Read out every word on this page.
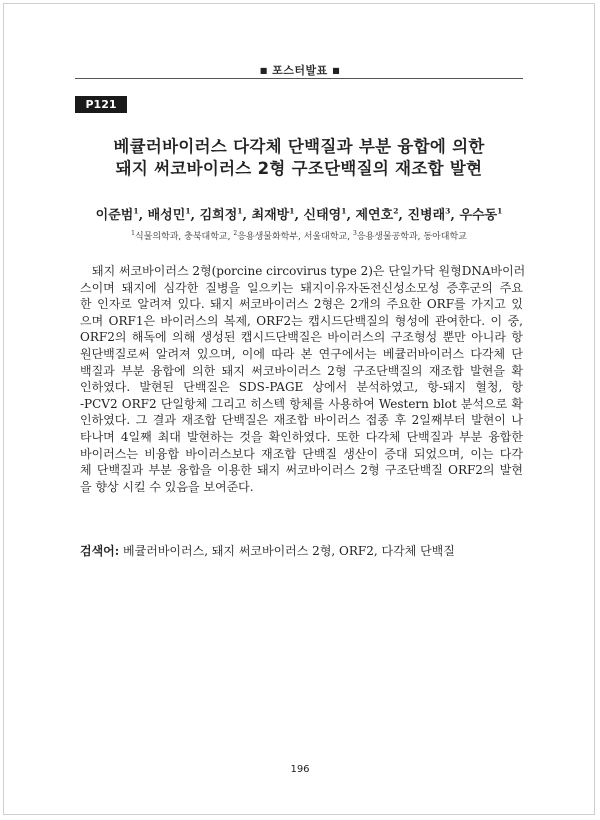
■ 포스터발표 ■
P121
베큘러바이러스 다각체 단백질과 부분 융합에 의한
돼지 써코바이러스 2형 구조단백질의 재조합 발현
이준범$^1$, 배성민$^1$, 김희정$^1$, 최재방$^1$, 신태영$^1$, 제연호$^2$, 진병래$^3$, 우수동$^1$
$^1$식물의학과, 충북대학교, $^2$응용생물화학부, 서울대학교, $^3$응용생물공학과, 동아대학교
돼지 써코바이러스 2형(porcine circovirus type 2)은 단일가닥 원형DNA바이러
스이며 돼지에 심각한 질병을 일으키는 돼지이유자돈전신성소모성 증후군의 주요
한 인자로 알려져 있다. 돼지 써코바이러스 2형은 2개의 주요한 ORF를 가지고 있
으며 ORF1은 바이러스의 복제, ORF2는 캡시드단백질의 형성에 관여한다. 이 중,
ORF2의 해독에 의해 생성된 캡시드단백질은 바이러스의 구조형성 뿐만 아니라 항
원단백질로써 알려져 있으며, 이에 따라 본 연구에서는 베큘러바이러스 다각체 단
백질과 부분 융합에 의한 돼지 써코바이러스 2형 구조단백질의 재조합 발현을 확
인하였다. 발현된 단백질은 SDS-PAGE 상에서 분석하였고, 항-돼지 혈청, 항
-PCV2 ORF2 단일항체 그리고 히스텍 항체를 사용하여 Western blot 분석으로 확
인하였다. 그 결과 재조합 단백질은 재조합 바이러스 접종 후 2일째부터 발현이 나
타나며 4일째 최대 발현하는 것을 확인하였다. 또한 다각체 단백질과 부분 융합한
바이러스는 비융합 바이러스보다 재조합 단백질 생산이 증대 되었으며, 이는 다각
체 단백질과 부분 융합을 이용한 돼지 써코바이러스 2형 구조단백질 ORF2의 발현
을 향상 시킬 수 있음을 보여준다.
검색어: 베큘러바이러스, 돼지 써코바이러스 2형, ORF2, 다각체 단백질
196
